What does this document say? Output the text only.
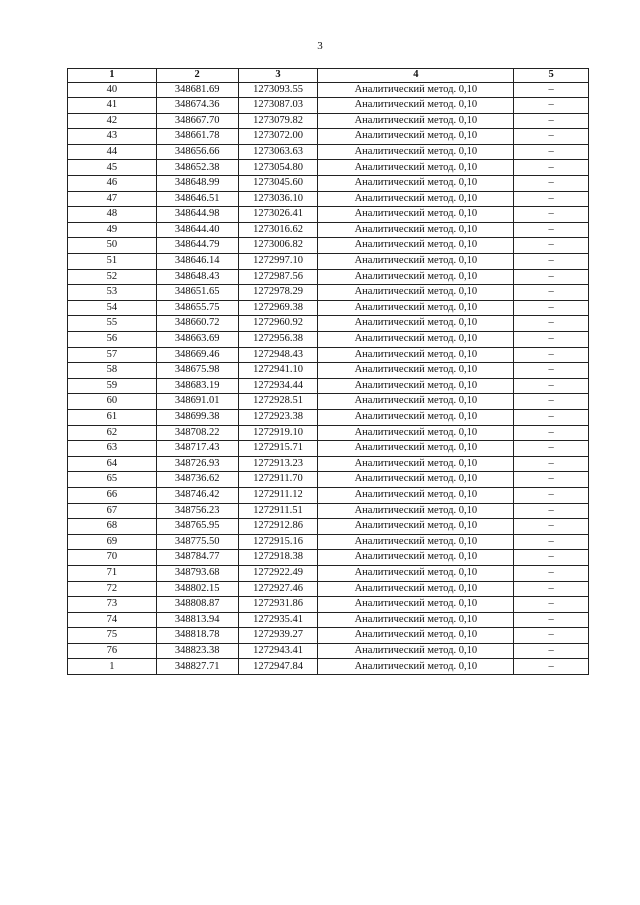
3
1	2	3	4	5
40	348681.69	1273093.55	Аналитический метод. 0,10	–
41	348674.36	1273087.03	Аналитический метод. 0,10	–
42	348667.70	1273079.82	Аналитический метод. 0,10	–
43	348661.78	1273072.00	Аналитический метод. 0,10	–
44	348656.66	1273063.63	Аналитический метод. 0,10	–
45	348652.38	1273054.80	Аналитический метод. 0,10	–
46	348648.99	1273045.60	Аналитический метод. 0,10	–
47	348646.51	1273036.10	Аналитический метод. 0,10	–
48	348644.98	1273026.41	Аналитический метод. 0,10	–
49	348644.40	1273016.62	Аналитический метод. 0,10	–
50	348644.79	1273006.82	Аналитический метод. 0,10	–
51	348646.14	1272997.10	Аналитический метод. 0,10	–
52	348648.43	1272987.56	Аналитический метод. 0,10	–
53	348651.65	1272978.29	Аналитический метод. 0,10	–
54	348655.75	1272969.38	Аналитический метод. 0,10	–
55	348660.72	1272960.92	Аналитический метод. 0,10	–
56	348663.69	1272956.38	Аналитический метод. 0,10	–
57	348669.46	1272948.43	Аналитический метод. 0,10	–
58	348675.98	1272941.10	Аналитический метод. 0,10	–
59	348683.19	1272934.44	Аналитический метод. 0,10	–
60	348691.01	1272928.51	Аналитический метод. 0,10	–
61	348699.38	1272923.38	Аналитический метод. 0,10	–
62	348708.22	1272919.10	Аналитический метод. 0,10	–
63	348717.43	1272915.71	Аналитический метод. 0,10	–
64	348726.93	1272913.23	Аналитический метод. 0,10	–
65	348736.62	1272911.70	Аналитический метод. 0,10	–
66	348746.42	1272911.12	Аналитический метод. 0,10	–
67	348756.23	1272911.51	Аналитический метод. 0,10	–
68	348765.95	1272912.86	Аналитический метод. 0,10	–
69	348775.50	1272915.16	Аналитический метод. 0,10	–
70	348784.77	1272918.38	Аналитический метод. 0,10	–
71	348793.68	1272922.49	Аналитический метод. 0,10	–
72	348802.15	1272927.46	Аналитический метод. 0,10	–
73	348808.87	1272931.86	Аналитический метод. 0,10	–
74	348813.94	1272935.41	Аналитический метод. 0,10	–
75	348818.78	1272939.27	Аналитический метод. 0,10	–
76	348823.38	1272943.41	Аналитический метод. 0,10	–
1	348827.71	1272947.84	Аналитический метод. 0,10	–
